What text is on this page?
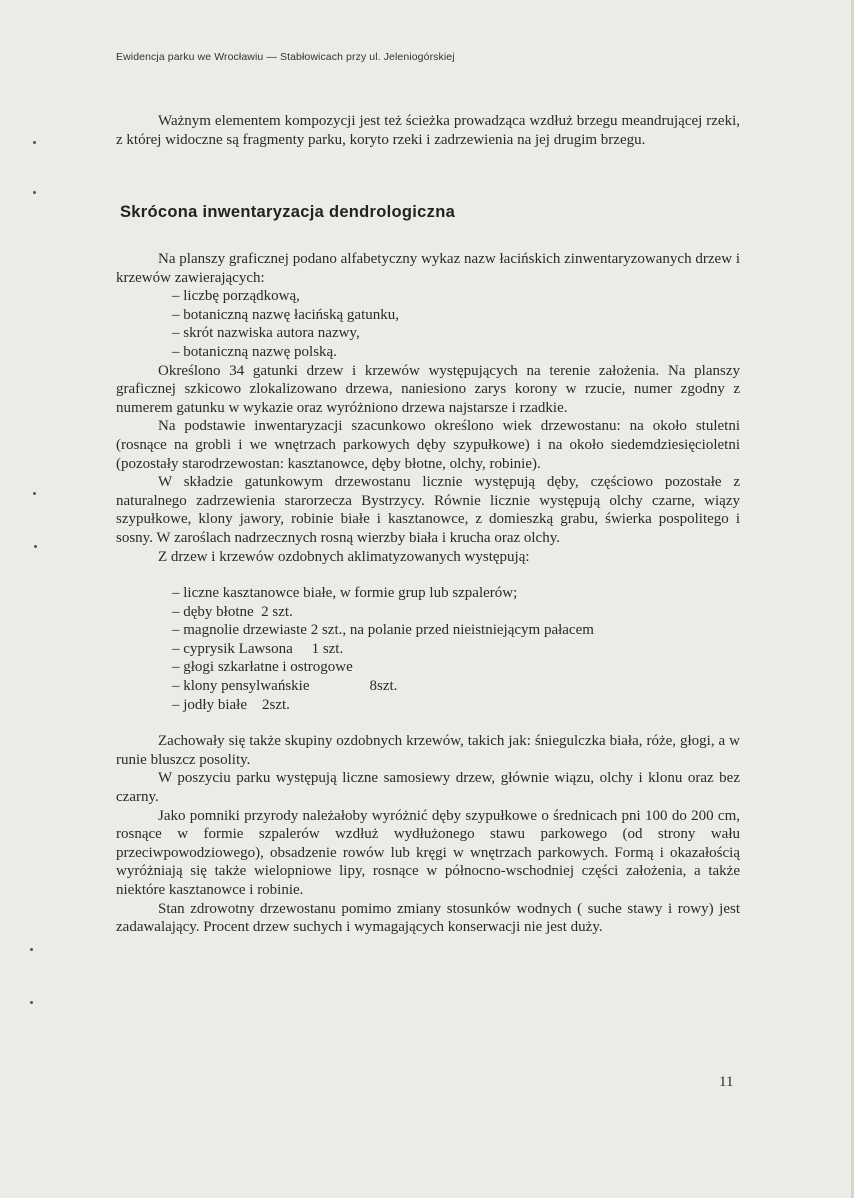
Ewidencja parku we Wrocławiu — Stabłowicach przy ul. Jeleniogórskiej

Ważnym elementem kompozycji jest też ścieżka prowadząca wzdłuż brzegu meandrującej rzeki, z której widoczne są fragmenty parku, koryto rzeki i zadrzewienia na jej drugim brzegu.

Skrócona inwentaryzacja dendrologiczna

Na planszy graficznej podano alfabetyczny wykaz nazw łacińskich zinwentaryzowanych drzew i krzewów zawierających:

– liczbę porządkową,
– botaniczną nazwę łacińską gatunku,
– skrót nazwiska autora nazwy,
– botaniczną nazwę polską.

Określono 34 gatunki drzew i krzewów występujących na terenie założenia. Na planszy graficznej szkicowo zlokalizowano drzewa, naniesiono zarys korony w rzucie, numer zgodny z numerem gatunku w wykazie oraz wyróżniono drzewa najstarsze i rzadkie.

Na podstawie inwentaryzacji szacunkowo określono wiek drzewostanu: na około stuletni (rosnące na grobli i we wnętrzach parkowych dęby szypułkowe) i na około siedemdziesięcioletni (pozostały starodrzewostan: kasztanowce, dęby błotne, olchy, robinie).

W składzie gatunkowym drzewostanu licznie występują dęby, częściowo pozostałe z naturalnego zadrzewienia starorzecza Bystrzycy. Równie licznie występują olchy czarne, wiązy szypułkowe, klony jawory, robinie białe i kasztanowce, z domieszką grabu, świerka pospolitego i sosny. W zaroślach nadrzecznych rosną wierzby biała i krucha oraz olchy.

Z drzew i krzewów ozdobnych aklimatyzowanych występują:

– liczne kasztanowce białe, w formie grup lub szpalerów;
– dęby błotne 2 szt.
– magnolie drzewiaste 2 szt., na polanie przed nieistniejącym pałacem
– cyprysik Lawsona 1 szt.
– głogi szkarłatne i ostrogowe
– klony pensylwańskie	8szt.
– jodły białe 2szt.

Zachowały się także skupiny ozdobnych krzewów, takich jak: śniegulczka biała, róże, głogi, a w runie bluszcz posolity.

W poszyciu parku występują liczne samosiewy drzew, głównie wiązu, olchy i klonu oraz bez czarny.

Jako pomniki przyrody należałoby wyróżnić dęby szypułkowe o średnicach pni 100 do 200 cm, rosnące w formie szpalerów wzdłuż wydłużonego stawu parkowego (od strony wału przeciwpowodziowego), obsadzenie rowów lub kręgi w wnętrzach parkowych. Formą i okazałością wyróżniają się także wielopniowe lipy, rosnące w północno-wschodniej części założenia, a także niektóre kasztanowce i robinie.

Stan zdrowotny drzewostanu pomimo zmiany stosunków wodnych ( suche stawy i rowy) jest zadawalający. Procent drzew suchych i wymagających konserwacji nie jest duży.

11
